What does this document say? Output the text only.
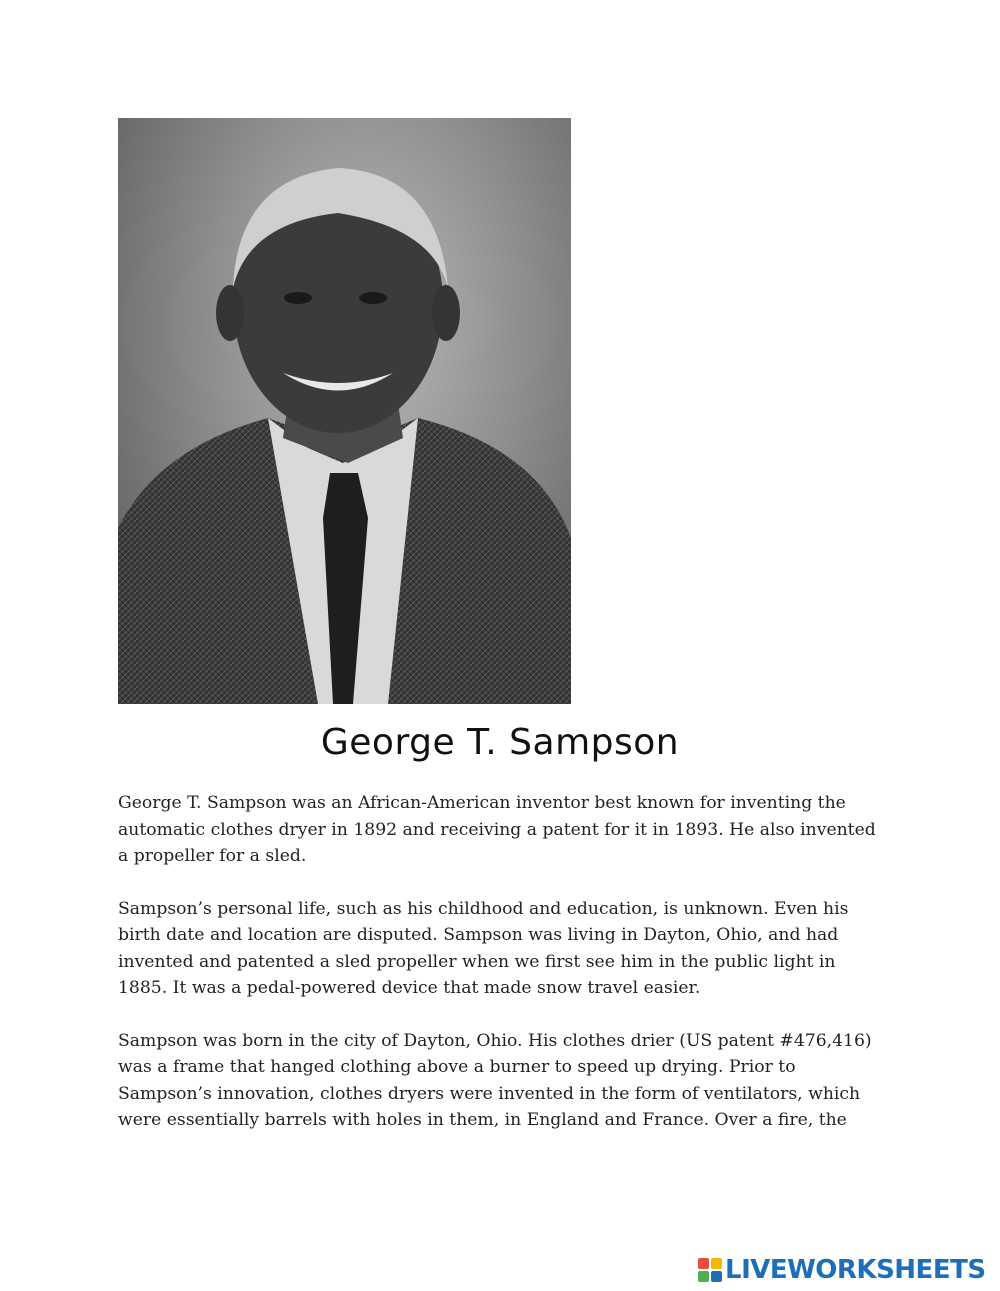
George T. Sampson

George T. Sampson was an African-American inventor best known for inventing the automatic clothes dryer in 1892 and receiving a patent for it in 1893. He also invented a propeller for a sled.

Sampson’s personal life, such as his childhood and education, is unknown. Even his birth date and location are disputed. Sampson was living in Dayton, Ohio, and had invented and patented a sled propeller when we first see him in the public light in 1885. It was a pedal-powered device that made snow travel easier.

Sampson was born in the city of Dayton, Ohio. His clothes drier (US patent #476,416) was a frame that hanged clothing above a burner to speed up drying. Prior to Sampson’s innovation, clothes dryers were invented in the form of ventilators, which were essentially barrels with holes in them, in England and France. Over a fire, the

LIVEWORKSHEETS
